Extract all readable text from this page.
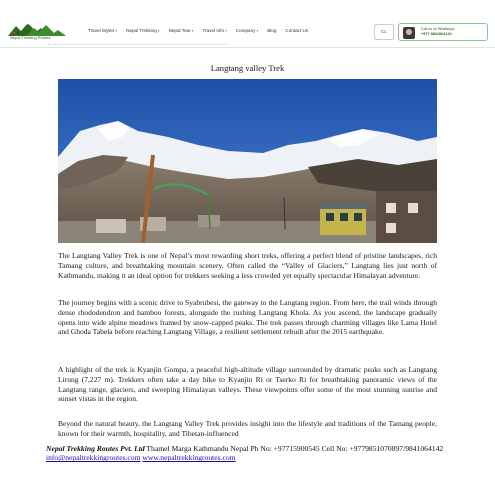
Nepal Trekking Routes
Travel Styles▾ Nepal Trekking▾ Nepal Tour▾ Travel Info▾ Company▾ Blog Contact Us	CL	Call us on WhatsApp
+977 9841064142
Langtang valley Trek

The Langtang Valley Trek is one of Nepal’s most rewarding short treks, offering a perfect blend of pristine landscapes, rich Tamang culture, and breathtaking mountain scenery. Often called the “Valley of Glaciers,” Langtang lies just north of Kathmandu, making it an ideal option for trekkers seeking a less crowded yet equally spectacular Himalayan adventure.

The journey begins with a scenic drive to Syabrubesi, the gateway to the Langtang region. From here, the trail winds through dense rhododendron and bamboo forests, alongside the rushing Langtang Khola. As you ascend, the landscape gradually opens into wide alpine meadows framed by snow-capped peaks. The trek passes through charming villages like Lama Hotel and Ghoda Tabela before reaching Langtang Village, a resilient settlement rebuilt after the 2015 earthquake.

A highlight of the trek is Kyanjin Gompa, a peaceful high-altitude village surrounded by dramatic peaks such as Langtang Lirung (7,227 m). Trekkers often take a day hike to Kyanjin Ri or Tserko Ri for breathtaking panoramic views of the Langtang range, glaciers, and sweeping Himalayan valleys. These viewpoints offer some of the most stunning sunrise and sunset vistas in the region.

Beyond the natural beauty, the Langtang Valley Trek provides insight into the lifestyle and traditions of the Tamang people, known for their warmth, hospitality, and Tibetan-influenced

Nepal Trekking Routes Pvt. Ltd Thamel Marga Kathmandu Nepal Ph No: +97715900545 Cell No: +9779851070897/9841064142 info@nepaltrekkingroutes.com www.nepaltrekkingroutes.com
